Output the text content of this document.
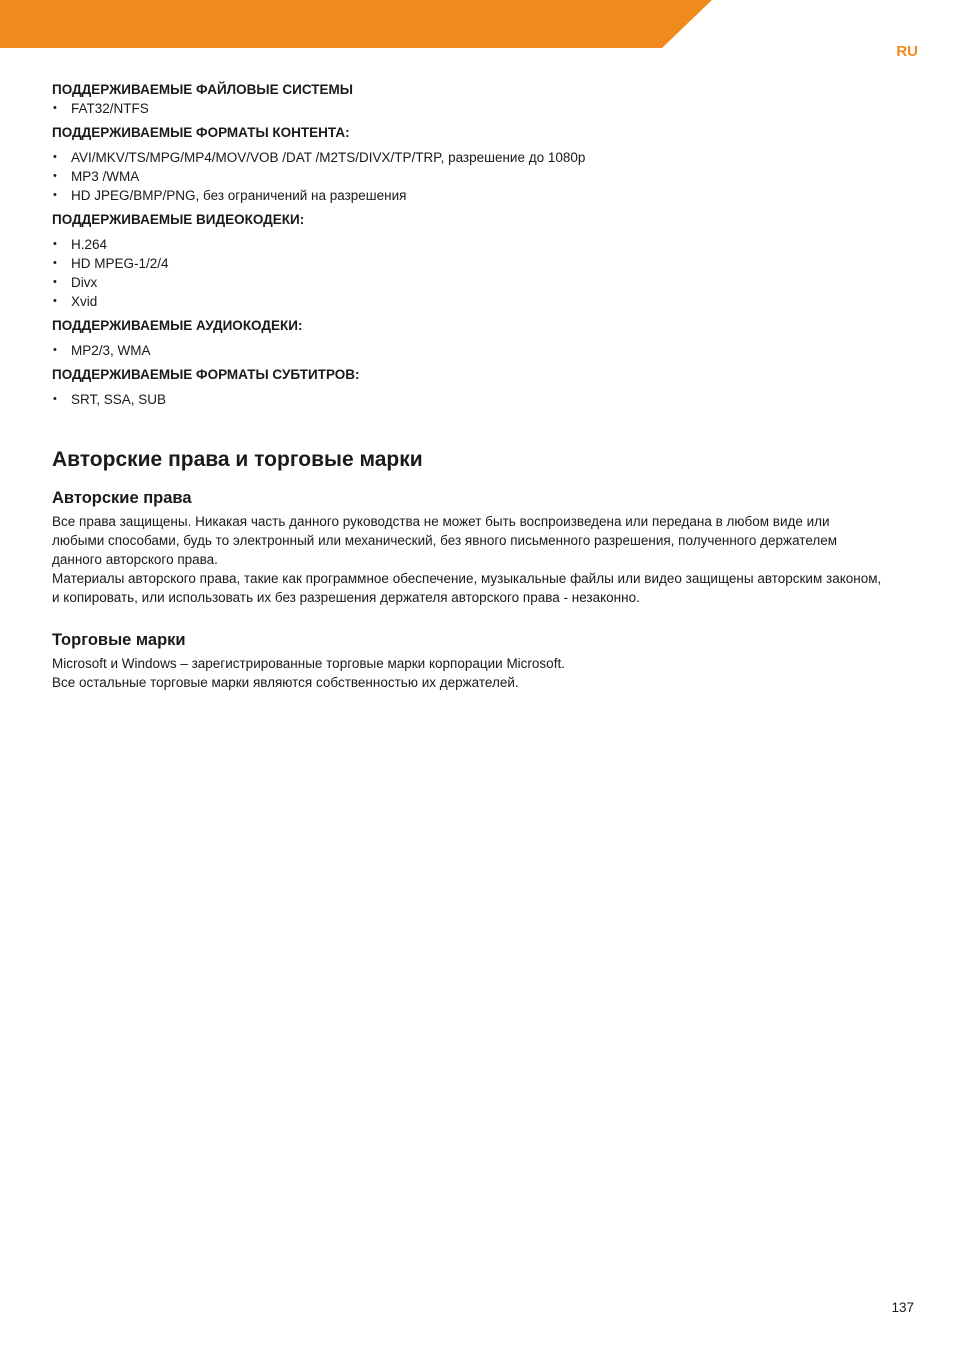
RU

ПОДДЕРЖИВАЕМЫЕ ФАЙЛОВЫЕ СИСТЕМЫ

• FAT32/NTFS

ПОДДЕРЖИВАЕМЫЕ ФОРМАТЫ КОНТЕНТА:

• AVI/MKV/TS/MPG/MP4/MOV/VOB /DAT /M2TS/DIVX/TP/TRP, разрешение до 1080p
• MP3 /WMA
• HD JPEG/BMP/PNG, без ограничений на разрешения

ПОДДЕРЖИВАЕМЫЕ ВИДЕОКОДЕКИ:

• H.264
• HD MPEG-1/2/4
• Divx
• Xvid

ПОДДЕРЖИВАЕМЫЕ АУДИОКОДЕКИ:

• MP2/3, WMA

ПОДДЕРЖИВАЕМЫЕ ФОРМАТЫ СУБТИТРОВ:

• SRT, SSA, SUB
Авторские права и торговые марки
Авторские права

Все права защищены. Никакая часть данного руководства не может быть воспроизведена или передана в любом виде или любыми способами, будь то электронный или механический, без явного письменного разрешения, полученного держателем данного авторского права.

Материалы авторского права, такие как программное обеспечение, музыкальные файлы или видео защищены авторским законом, и копировать, или использовать их без разрешения держателя авторского права - незаконно.

Торговые марки

Microsoft и Windows – зарегистрированные торговые марки корпорации Microsoft.

Все остальные торговые марки являются собственностью их держателей.

137
